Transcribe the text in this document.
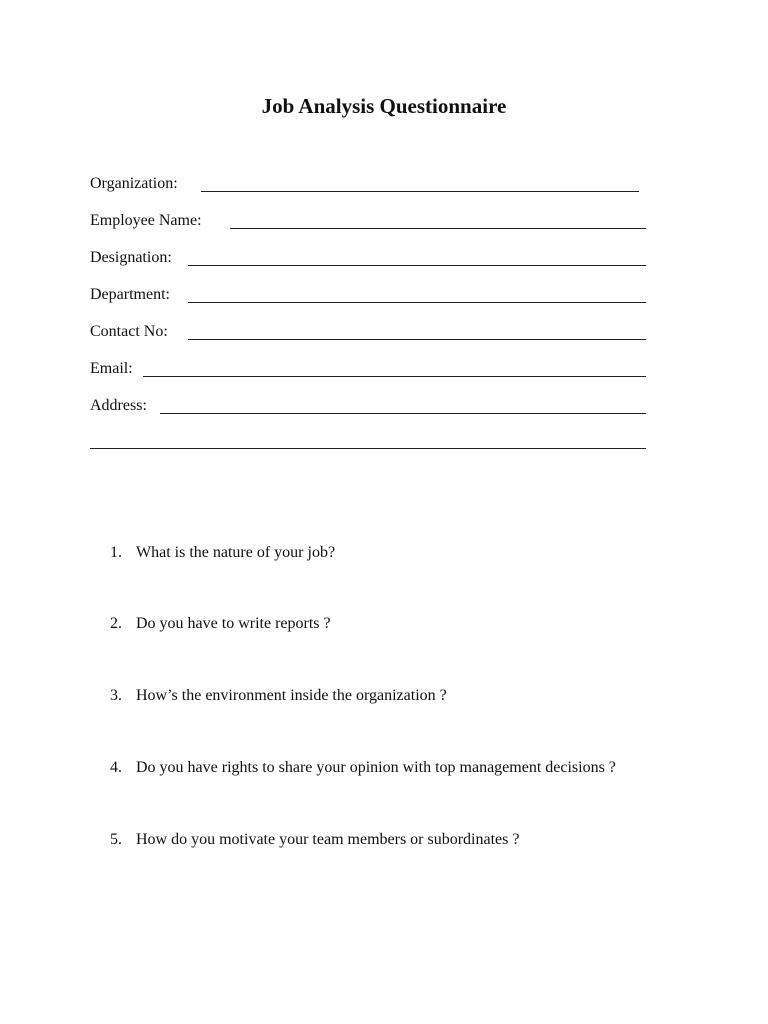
Job Analysis Questionnaire
Organization:
Employee Name:
Designation:
Department:
Contact No:
Email:
Address:
1. What is the nature of your job?
2. Do you have to write reports ?
3. How’s the environment inside the organization ?
4. Do you have rights to share your opinion with top management decisions ?
5. How do you motivate your team members or subordinates ?
